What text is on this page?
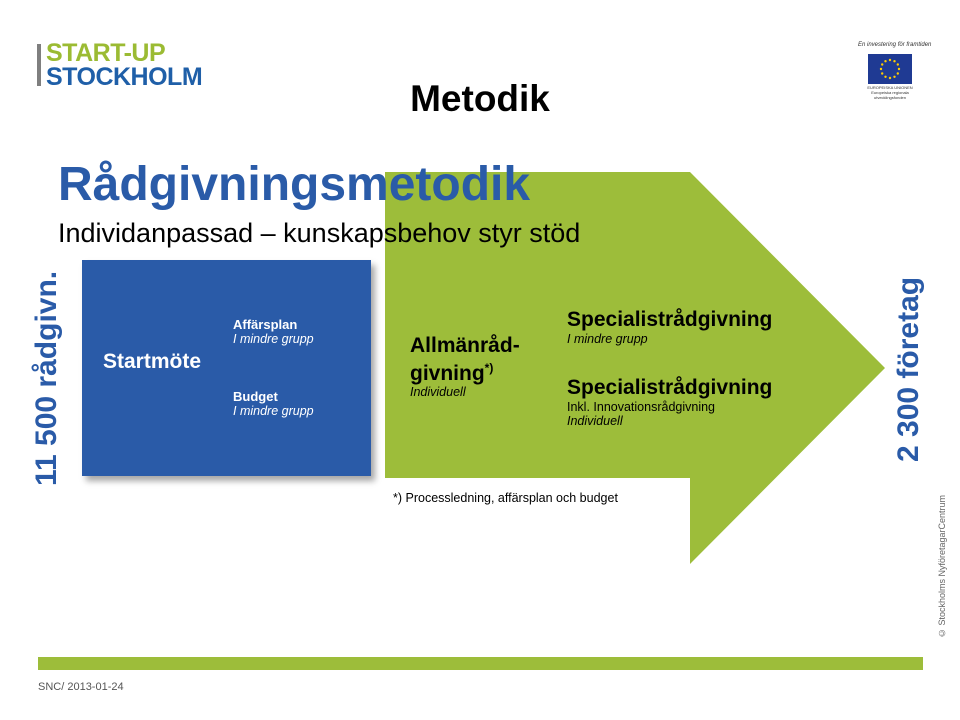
START-UP
STOCKHOLM
En investering för framtiden
EUROPEISKA UNIONEN Europeiska regionala utvecklingsfonden
Metodik
Rådgivningsmetodik
Individanpassad – kunskapsbehov styr stöd
Startmöte
Affärsplan
I mindre grupp
Budget
I mindre grupp
Allmänråd-
givning*)
Individuell
Specialistrådgivning
I mindre grupp
Specialistrådgivning
Inkl. Innovationsrådgivning
Individuell
*) Processledning, affärsplan och budget
11 500 rådgivn.	2 300 företag
© Stockholms NyföretagarCentrum
SNC/ 2013-01-24
